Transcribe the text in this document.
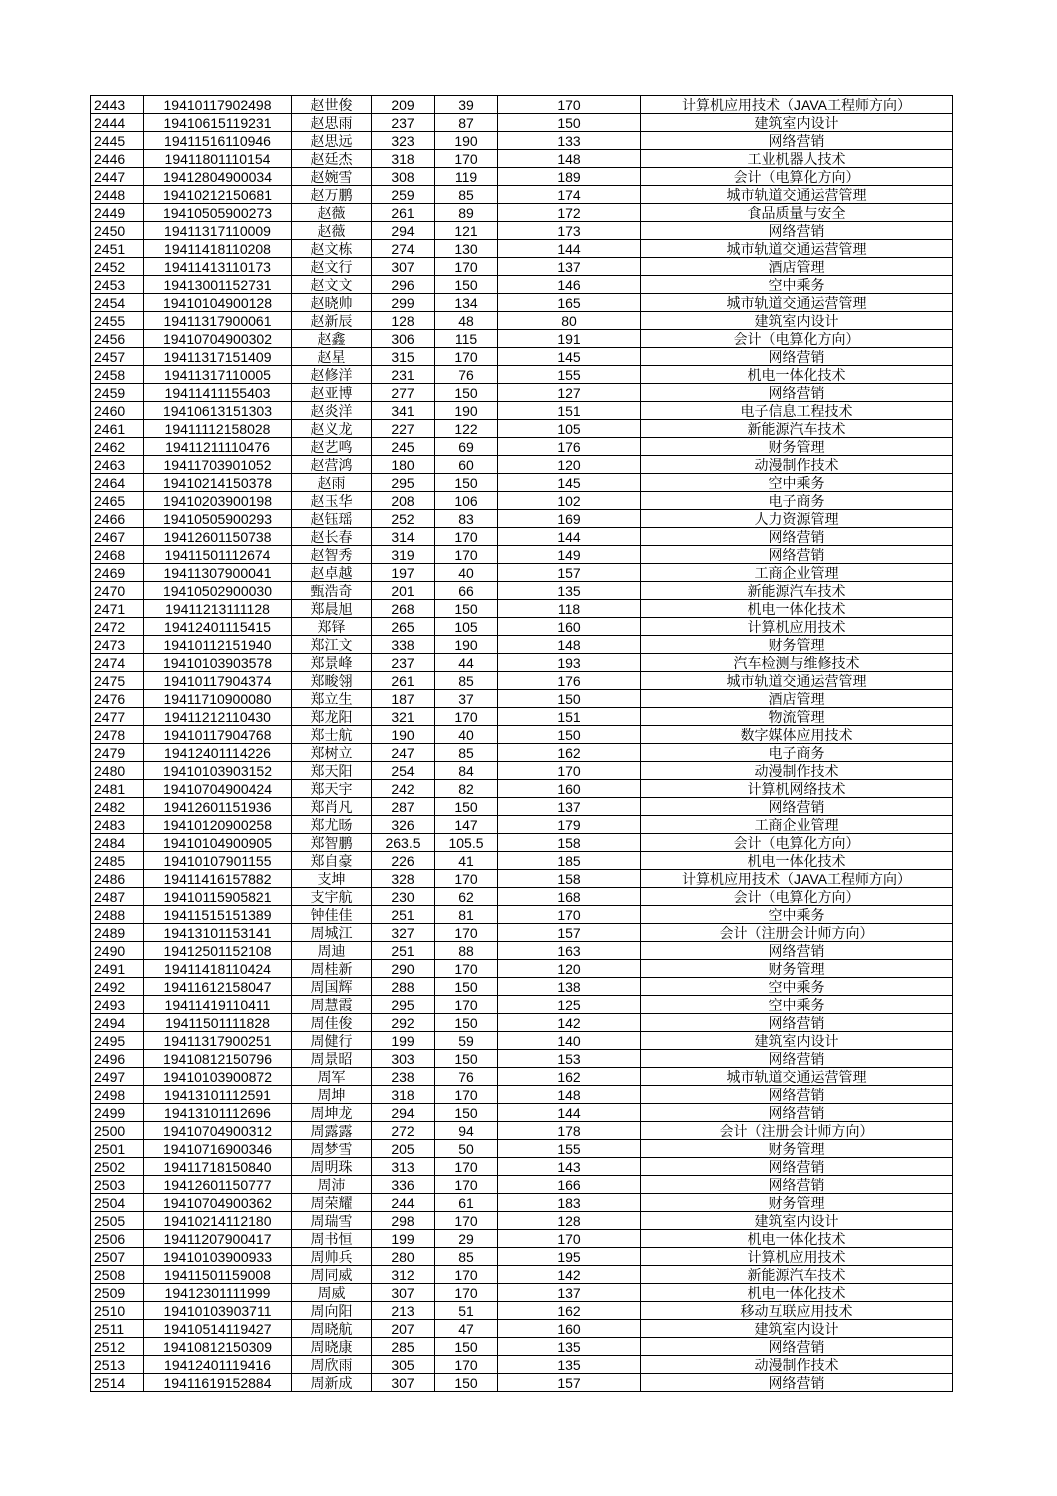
2443	19410117902498	赵世俊	209	39	170	计算机应用技术（JAVA工程师方向）
2444	19410615119231	赵思雨	237	87	150	建筑室内设计
2445	19411516110946	赵思远	323	190	133	网络营销
2446	19411801110154	赵廷杰	318	170	148	工业机器人技术
2447	19412804900034	赵婉雪	308	119	189	会计（电算化方向）
2448	19410212150681	赵万鹏	259	85	174	城市轨道交通运营管理
2449	19410505900273	赵薇	261	89	172	食品质量与安全
2450	19411317110009	赵薇	294	121	173	网络营销
2451	19411418110208	赵文栋	274	130	144	城市轨道交通运营管理
2452	19411413110173	赵文行	307	170	137	酒店管理
2453	19413001152731	赵文文	296	150	146	空中乘务
2454	19410104900128	赵晓帅	299	134	165	城市轨道交通运营管理
2455	19411317900061	赵新辰	128	48	80	建筑室内设计
2456	19410704900302	赵鑫	306	115	191	会计（电算化方向）
2457	19411317151409	赵星	315	170	145	网络营销
2458	19411317110005	赵修洋	231	76	155	机电一体化技术
2459	19411411155403	赵亚博	277	150	127	网络营销
2460	19410613151303	赵炎洋	341	190	151	电子信息工程技术
2461	19411112158028	赵义龙	227	122	105	新能源汽车技术
2462	19411211110476	赵艺鸣	245	69	176	财务管理
2463	19411703901052	赵营鸿	180	60	120	动漫制作技术
2464	19410214150378	赵雨	295	150	145	空中乘务
2465	19410203900198	赵玉华	208	106	102	电子商务
2466	19410505900293	赵钰瑶	252	83	169	人力资源管理
2467	19412601150738	赵长春	314	170	144	网络营销
2468	19411501112674	赵智秀	319	170	149	网络营销
2469	19411307900041	赵卓越	197	40	157	工商企业管理
2470	19410502900030	甄浩奇	201	66	135	新能源汽车技术
2471	19411213111128	郑晨旭	268	150	118	机电一体化技术
2472	19412401115415	郑铎	265	105	160	计算机应用技术
2473	19410112151940	郑江文	338	190	148	财务管理
2474	19410103903578	郑景峰	237	44	193	汽车检测与维修技术
2475	19410117904374	郑畯翎	261	85	176	城市轨道交通运营管理
2476	19411710900080	郑立生	187	37	150	酒店管理
2477	19411212110430	郑龙阳	321	170	151	物流管理
2478	19410117904768	郑士航	190	40	150	数字媒体应用技术
2479	19412401114226	郑树立	247	85	162	电子商务
2480	19410103903152	郑天阳	254	84	170	动漫制作技术
2481	19410704900424	郑天宇	242	82	160	计算机网络技术
2482	19412601151936	郑肖凡	287	150	137	网络营销
2483	19410120900258	郑尤旸	326	147	179	工商企业管理
2484	19410104900905	郑智鹏	263.5	105.5	158	会计（电算化方向）
2485	19410107901155	郑自豪	226	41	185	机电一体化技术
2486	19411416157882	支坤	328	170	158	计算机应用技术（JAVA工程师方向）
2487	19410115905821	支宇航	230	62	168	会计（电算化方向）
2488	19411515151389	钟佳佳	251	81	170	空中乘务
2489	19413101153141	周城江	327	170	157	会计（注册会计师方向）
2490	19412501152108	周迪	251	88	163	网络营销
2491	19411418110424	周桂新	290	170	120	财务管理
2492	19411612158047	周国辉	288	150	138	空中乘务
2493	19411419110411	周慧霞	295	170	125	空中乘务
2494	19411501111828	周佳俊	292	150	142	网络营销
2495	19411317900251	周健行	199	59	140	建筑室内设计
2496	19410812150796	周景昭	303	150	153	网络营销
2497	19410103900872	周军	238	76	162	城市轨道交通运营管理
2498	19413101112591	周坤	318	170	148	网络营销
2499	19413101112696	周坤龙	294	150	144	网络营销
2500	19410704900312	周露露	272	94	178	会计（注册会计师方向）
2501	19410716900346	周梦雪	205	50	155	财务管理
2502	19411718150840	周明珠	313	170	143	网络营销
2503	19412601150777	周沛	336	170	166	网络营销
2504	19410704900362	周荣耀	244	61	183	财务管理
2505	19410214112180	周瑞雪	298	170	128	建筑室内设计
2506	19411207900417	周书恒	199	29	170	机电一体化技术
2507	19410103900933	周帅兵	280	85	195	计算机应用技术
2508	19411501159008	周同威	312	170	142	新能源汽车技术
2509	19412301111999	周威	307	170	137	机电一体化技术
2510	19410103903711	周向阳	213	51	162	移动互联应用技术
2511	19410514119427	周晓航	207	47	160	建筑室内设计
2512	19410812150309	周晓康	285	150	135	网络营销
2513	19412401119416	周欣雨	305	170	135	动漫制作技术
2514	19411619152884	周新成	307	150	157	网络营销
